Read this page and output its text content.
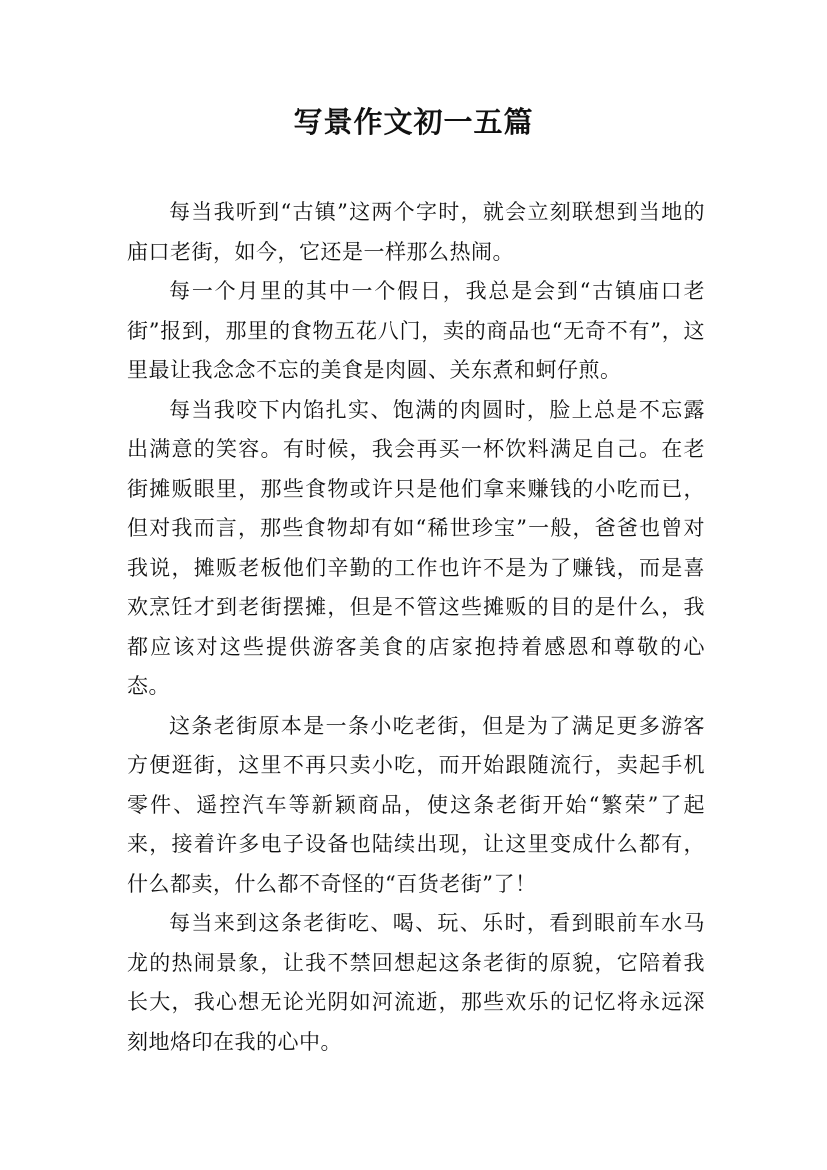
写景作文初一五篇

每当我听到“古镇”这两个字时，就会立刻联想到当地的庙口老街，如今，它还是一样那么热闹。

每一个月里的其中一个假日，我总是会到“古镇庙口老街”报到，那里的食物五花八门，卖的商品也“无奇不有”，这里最让我念念不忘的美食是肉圆、关东煮和蚵仔煎。

每当我咬下内馅扎实、饱满的肉圆时，脸上总是不忘露出满意的笑容。有时候，我会再买一杯饮料满足自己。在老街摊贩眼里，那些食物或许只是他们拿来赚钱的小吃而已，但对我而言，那些食物却有如“稀世珍宝”一般，爸爸也曾对我说，摊贩老板他们辛勤的工作也许不是为了赚钱，而是喜欢烹饪才到老街摆摊，但是不管这些摊贩的目的是什么，我都应该对这些提供游客美食的店家抱持着感恩和尊敬的心态。

这条老街原本是一条小吃老街，但是为了满足更多游客方便逛街，这里不再只卖小吃，而开始跟随流行，卖起手机零件、遥控汽车等新颖商品，使这条老街开始“繁荣”了起来，接着许多电子设备也陆续出现，让这里变成什么都有，什么都卖，什么都不奇怪的“百货老街”了！

每当来到这条老街吃、喝、玩、乐时，看到眼前车水马龙的热闹景象，让我不禁回想起这条老街的原貌，它陪着我长大，我心想无论光阴如河流逝，那些欢乐的记忆将永远深刻地烙印在我的心中。
